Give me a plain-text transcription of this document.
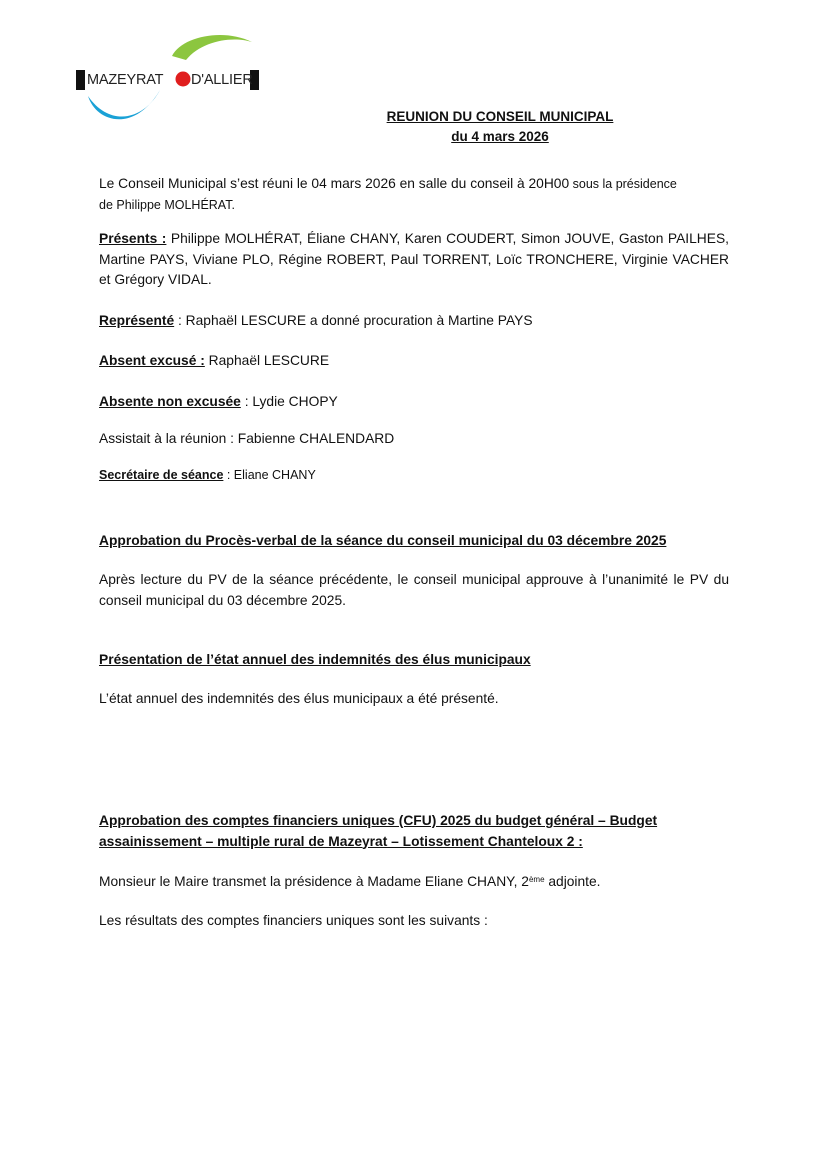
MAZEYRAT D'ALLIER
REUNION DU CONSEIL MUNICIPAL
du 4 mars 2026
Le Conseil Municipal s’est réuni le 04 mars 2026 en salle du conseil à 20H00 sous la présidence
de Philippe MOLHÉRAT.
Présents : Philippe MOLHÉRAT, Éliane CHANY, Karen COUDERT, Simon JOUVE, Gaston PAILHES, Martine PAYS, Viviane PLO, Régine ROBERT, Paul TORRENT, Loïc TRONCHERE, Virginie VACHER et Grégory VIDAL.
Représenté : Raphaël LESCURE a donné procuration à Martine PAYS
Absent excusé : Raphaël LESCURE
Absente non excusée : Lydie CHOPY
Assistait à la réunion : Fabienne CHALENDARD
Secrétaire de séance : Eliane CHANY
Approbation du Procès-verbal de la séance du conseil municipal du 03 décembre 2025
Après lecture du PV de la séance précédente, le conseil municipal approuve à l’unanimité le PV du conseil municipal du 03 décembre 2025.
Présentation de l’état annuel des indemnités des élus municipaux
L’état annuel des indemnités des élus municipaux a été présenté.
Approbation des comptes financiers uniques (CFU) 2025 du budget général – Budget
assainissement – multiple rural de Mazeyrat – Lotissement Chanteloux 2 :
Monsieur le Maire transmet la présidence à Madame Eliane CHANY, 2ème adjointe.
Les résultats des comptes financiers uniques sont les suivants :
